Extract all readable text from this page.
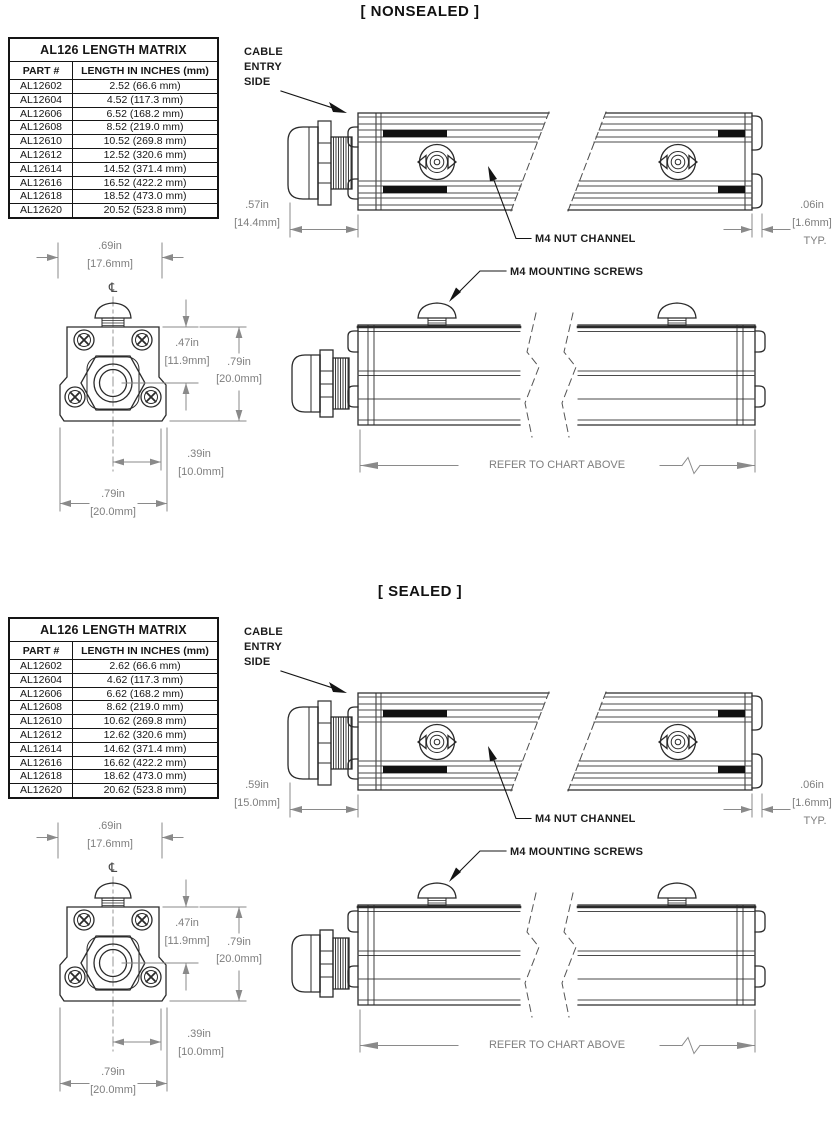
[ NONSEALED ]
AL126 LENGTH MATRIX	
PART #	LENGTH IN INCHES (mm)
AL12602	2.52 (66.6 mm)
AL12604	4.52 (117.3 mm)
AL12606	6.52 (168.2 mm)
AL12608	8.52 (219.0 mm)
AL12610	10.52 (269.8 mm)
AL12612	12.52 (320.6 mm)
AL12614	14.52 (371.4 mm)
AL12616	16.52 (422.2 mm)
AL12618	18.52 (473.0 mm)
AL12620	20.52 (523.8 mm)
CABLE
ENTRY
SIDE
M4 NUT CHANNEL
M4 MOUNTING SCREWS
REFER TO CHART ABOVE
.57in
[14.4mm]
.06in
[1.6mm]
TYP.
.69in
[17.6mm]
℄
.47in
[11.9mm] .79in
[20.0mm]
.39in
[10.0mm]
.79in
[20.0mm]
[ SEALED ]
AL126 LENGTH MATRIX	
PART #	LENGTH IN INCHES (mm)
AL12602	2.62 (66.6 mm)
AL12604	4.62 (117.3 mm)
AL12606	6.62 (168.2 mm)
AL12608	8.62 (219.0 mm)
AL12610	10.62 (269.8 mm)
AL12612	12.62 (320.6 mm)
AL12614	14.62 (371.4 mm)
AL12616	16.62 (422.2 mm)
AL12618	18.62 (473.0 mm)
AL12620	20.62 (523.8 mm)
CABLE
ENTRY
SIDE
M4 NUT CHANNEL
M4 MOUNTING SCREWS
REFER TO CHART ABOVE
.59in
[15.0mm]
.06in
[1.6mm]
TYP.
.69in
[17.6mm]
℄
.47in
[11.9mm] .79in
[20.0mm]
.39in
[10.0mm]
.79in
[20.0mm]
